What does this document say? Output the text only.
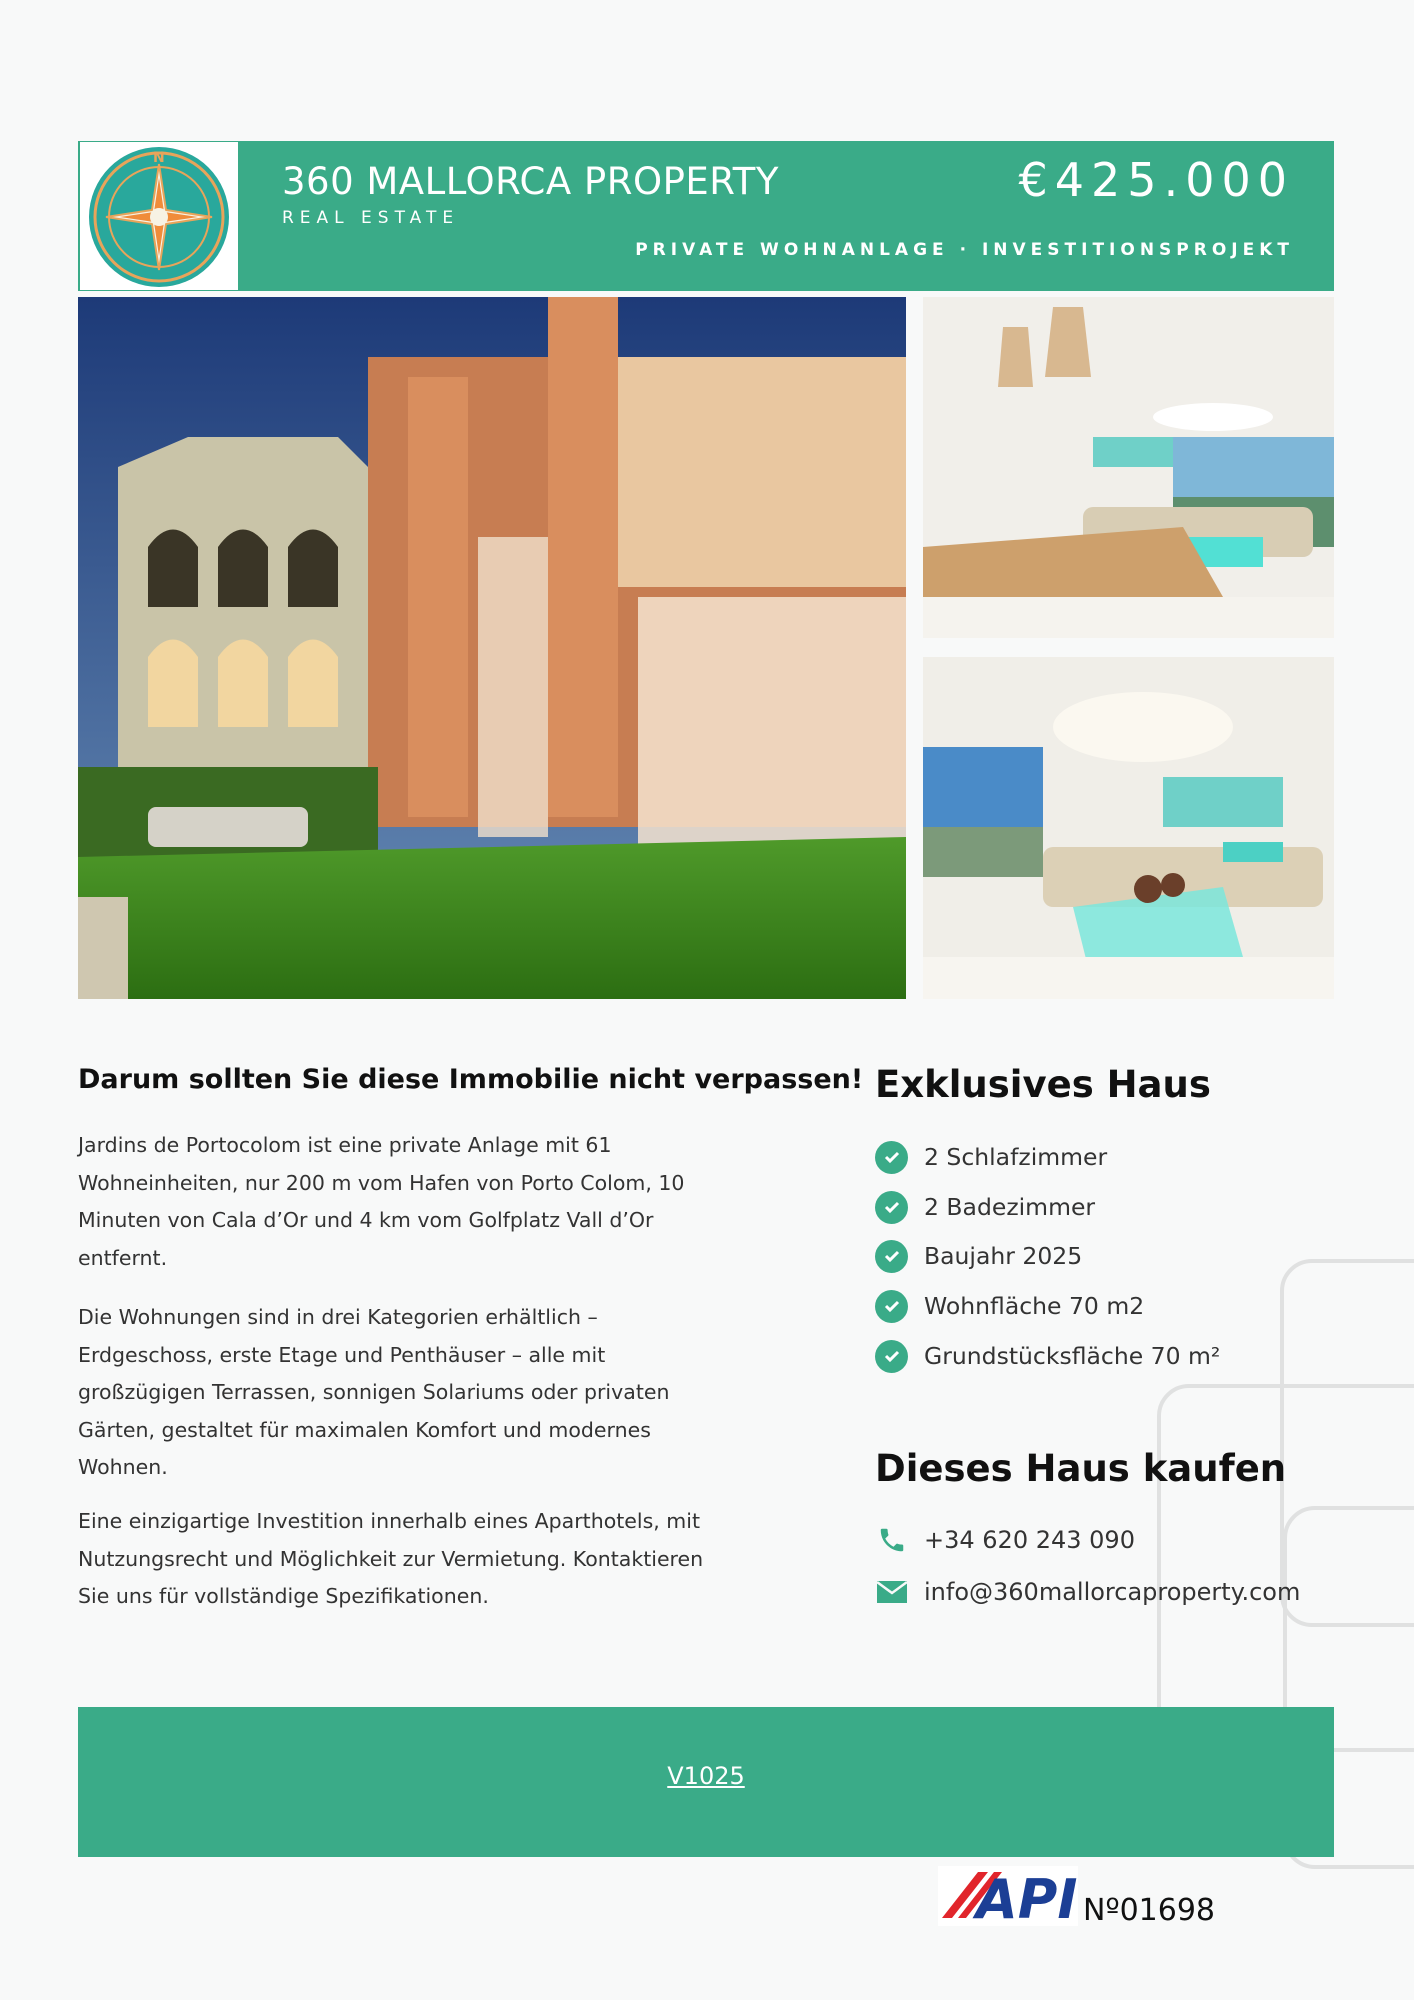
N
360 MALLORCA PROPERTY
REAL ESTATE
€425.000
PRIVATE WOHNANLAGE · INVESTITIONSPROJEKT
Darum sollten Sie diese Immobilie nicht verpassen!

Jardins de Portocolom ist eine private Anlage mit 61 Wohneinheiten, nur 200 m vom Hafen von Porto Colom, 10 Minuten von Cala d’Or und 4 km vom Golfplatz Vall d’Or entfernt.

Die Wohnungen sind in drei Kategorien erhältlich – Erdgeschoss, erste Etage und Penthäuser – alle mit großzügigen Terrassen, sonnigen Solariums oder privaten Gärten, gestaltet für maximalen Komfort und modernes Wohnen.

Eine einzigartige Investition innerhalb eines Aparthotels, mit Nutzungsrecht und Möglichkeit zur Vermietung. Kontaktieren Sie uns für vollständige Spezifikationen.

Exklusives Haus
2 Schlafzimmer
2 Badezimmer
Baujahr 2025
Wohnfläche 70 m2
Grundstücksfläche 70 m²
Dieses Haus kaufen
+34 620 243 090
info@360mallorcaproperty.com
V1025
API Nº01698
